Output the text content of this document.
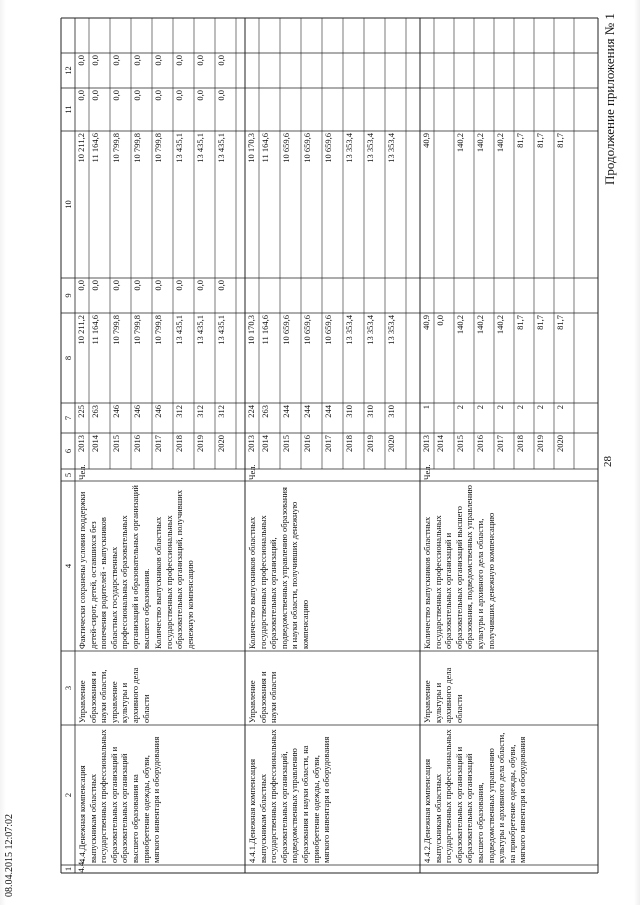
Продолжение приложения № 1
28
08.04.2015 12:07:02	1
2
3
4
5
6
7
8
9
10
11
12
2013
225
10 211,2
0,0
10 211,2
0,0
0,0
2014
263
11 164,6
0,0
11 164,6
0,0
0,0
2015
246
10 799,8
0,0
10 799,8
0,0
0,0
2016
246
10 799,8
0,0
10 799,8
0,0
0,0
2017
246
10 799,8
0,0
10 799,8
0,0
0,0
2018
312
13 435,1
0,0
13 435,1
0,0
0,0
2019
312
13 435,1
0,0
13 435,1
0,0
0,0
2020
312
13 435,1
0,0
13 435,1
0,0
0,0
4.4.
4.4.Денежная компенсация выпускникам областных государственных профессиональных образовательных организаций и образовательных организаций высшего образования на приобретение одежды, обуви, мягкого инвентаря и оборудования
Управление образования и науки области, управление культуры и архивного дела области
Фактически сохранены условия поддержки детей-сирот, детей, оставшихся без попечения родителей - выпускников областных государственных профессиональных образовательных организаций и образовательных организаций высшего образования. Количество выпускников областных государственных профессиональных образовательных организаций, получивших денежную компенсацию
Чел.
2013
224
10 170,3
10 170,3
2014
263
11 164,6
11 164,6
2015
244
10 659,6
10 659,6
2016
244
10 659,6
10 659,6
2017
244
10 659,6
10 659,6
2018
310
13 353,4
13 353,4
2019
310
13 353,4
13 353,4
2020
310
13 353,4
13 353,4
4.4.1.Денежная компенсация выпускникам областных государственных профессиональных образовательных организаций, подведомственных управлению образования и науки области, на приобретение одежды, обуви, мягкого инвентаря и оборудования
Управление образования и науки области
Количество выпускников областных государственных профессиональных образовательных организаций, подведомственных управлению образования и науки области, получивших денежную компенсацию
Чел.
2013
1
40,9
40,9
2014
0,0
2015
2
140,2
140,2
2016
2
140,2
140,2
2017
2
140,2
140,2
2018
2
81,7
81,7
2019
2
81,7
81,7
2020
2
81,7
81,7
4.4.2.Денежная компенсация выпускникам областных государственных профессиональных образовательных организаций и образовательных организаций высшего образования, подведомственных управлению культуры и архивного дела области, на приобретение одежды, обуви, мягкого инвентаря и оборудования
Управление культуры и архивного дела области
Количество выпускников областных государственных профессиональных образовательных организаций и образовательных организаций высшего образования, подведомственных управлению культуры и архивного дела области, получивших денежную компенсацию
Чел.
